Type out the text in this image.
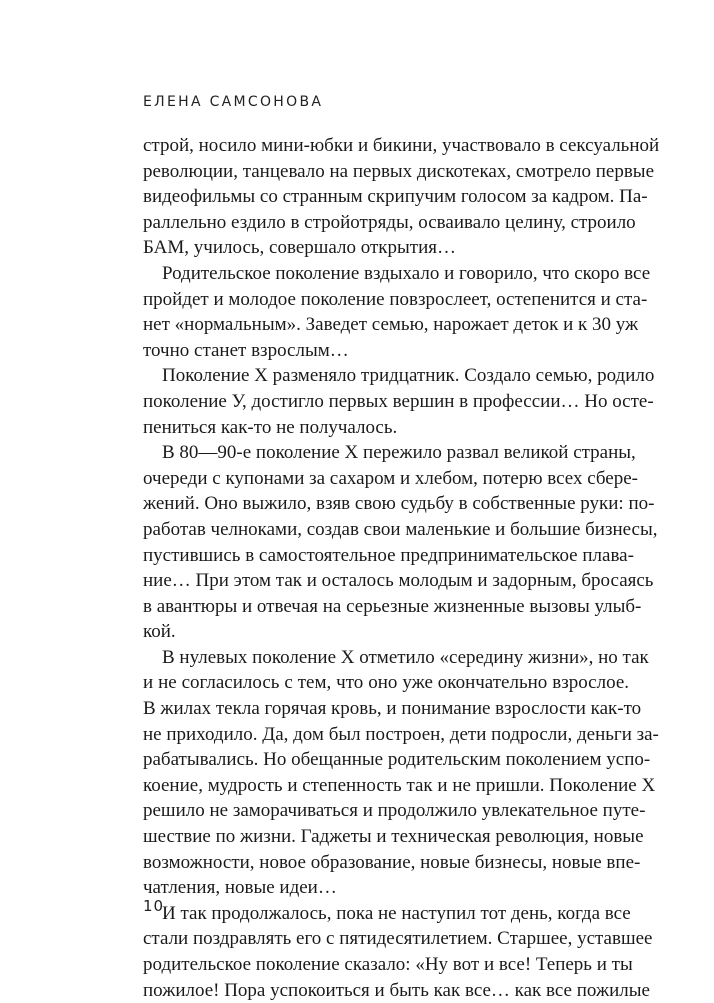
ЕЛЕНА САМСОНОВА
строй, носило мини-юбки и бикини, участвовало в сексуальной
революции, танцевало на первых дискотеках, смотрело первые
видеофильмы со странным скрипучим голосом за кадром. Па-
раллельно ездило в стройотряды, осваивало целину, строило
БАМ, училось, совершало открытия…
Родительское поколение вздыхало и говорило, что скоро все
пройдет и молодое поколение повзрослеет, остепенится и ста-
нет «нормальным». Заведет семью, нарожает деток и к 30 уж
точно станет взрослым…
Поколение Х разменяло тридцатник. Создало семью, родило
поколение У, достигло первых вершин в профессии… Но остe-
пениться как-то не получалось.
В 80—90-е поколение Х пережило развал великой страны,
очереди с купонами за сахаром и хлебом, потерю всех сбере-
жений. Оно выжило, взяв свою судьбу в собственные руки: по-
работав челноками, создав свои маленькие и большие бизнесы,
пустившись в самостоятельное предпринимательское плава-
ние… При этом так и осталось молодым и задорным, бросаясь
в авантюры и отвечая на серьезные жизненные вызовы улыб-
кой.
В нулевых поколение Х отметило «середину жизни», но так
и не согласилось с тем, что оно уже окончательно взрослое.
В жилах текла горячая кровь, и понимание взрослости как-то
не приходило. Да, дом был построен, дети подросли, деньги за-
рабатывались. Но обещанные родительским поколением успо-
коение, мудрость и степенность так и не пришли. Поколение Х
решило не заморачиваться и продолжило увлекательное путе-
шествие по жизни. Гаджеты и техническая революция, новые
возможности, новое образование, новые бизнесы, новые впе-
чатления, новые идеи…
И так продолжалось, пока не наступил тот день, когда все
стали поздравлять его с пятидесятилетием. Старшее, уставшее
родительское поколение сказало: «Ну вот и все! Теперь и ты
пожилое! Пора успокоиться и быть как все… как все пожилые
10
